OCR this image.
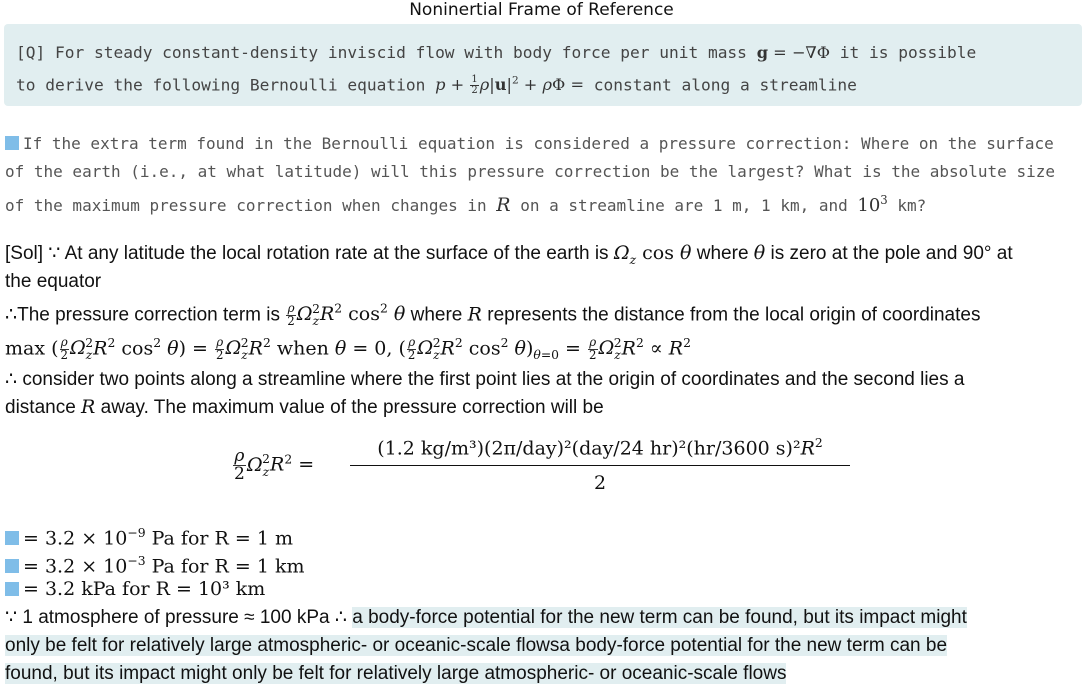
Noninertial Frame of Reference
[Q] For steady constant-density inviscid flow with body force per unit mass g = −∇Φ it is possible
to derive the following Bernoulli equation $p + \frac{1}{2} \rho|u|^2 + \rho\Phi$ = constant along a streamline
If the extra term found in the Bernoulli equation is considered a pressure correction: Where on the surface of the earth (i.e., at what latitude) will this pressure correction be the largest? What is the absolute size of the maximum pressure correction when changes in R on a streamline are 1 m, 1 km, and $10^3$ km?
[Sol] ∵ At any latitude the local rotation rate at the surface of the earth is $\Omega_z$ cos θ where θ is zero at the pole and 90° at
the equator
∴The pressure correction term is $\frac{\rho}{2} \Omega_z^2R^2$ $\cos^2 \theta$ where R represents the distance from the local origin of coordinates
max ( $\frac{\rho}{2} \Omega_z^2R^2$ $\cos^2 \theta) = \frac{\rho}{2} \Omega_z^2R^2$ when θ = 0, ( $\frac{\rho}{2} \Omega_z^2R^2$ $\cos^2 \theta)_{\theta=0} = \frac{\rho}{2} \Omega_z^2R^2 \propto R^2$
∴ consider two points along a streamline where the first point lies at the origin of coordinates and the second lies a
distance R away. The maximum value of the pressure correction will be
$\frac{\rho}{2} \Omega_z^2R^2$ =
(1.2 kg/m³)(2π/day)²(day/24 hr)²(hr/3600 $s)^2R^2$
2
= $3.2 \times 10^{-9}$ Pa for R = 1 m
= $3.2 \times 10^{-3}$ Pa for R = 1 km
= 3.2 kPa for R = 10³ km
∵ 1 atmosphere of pressure ≈ 100 kPa ∴ a body-force potential for the new term can be found, but its impact might
only be felt for relatively large atmospheric- or oceanic-scale flowsa body-force potential for the new term can be
found, but its impact might only be felt for relatively large atmospheric- or oceanic-scale flows
